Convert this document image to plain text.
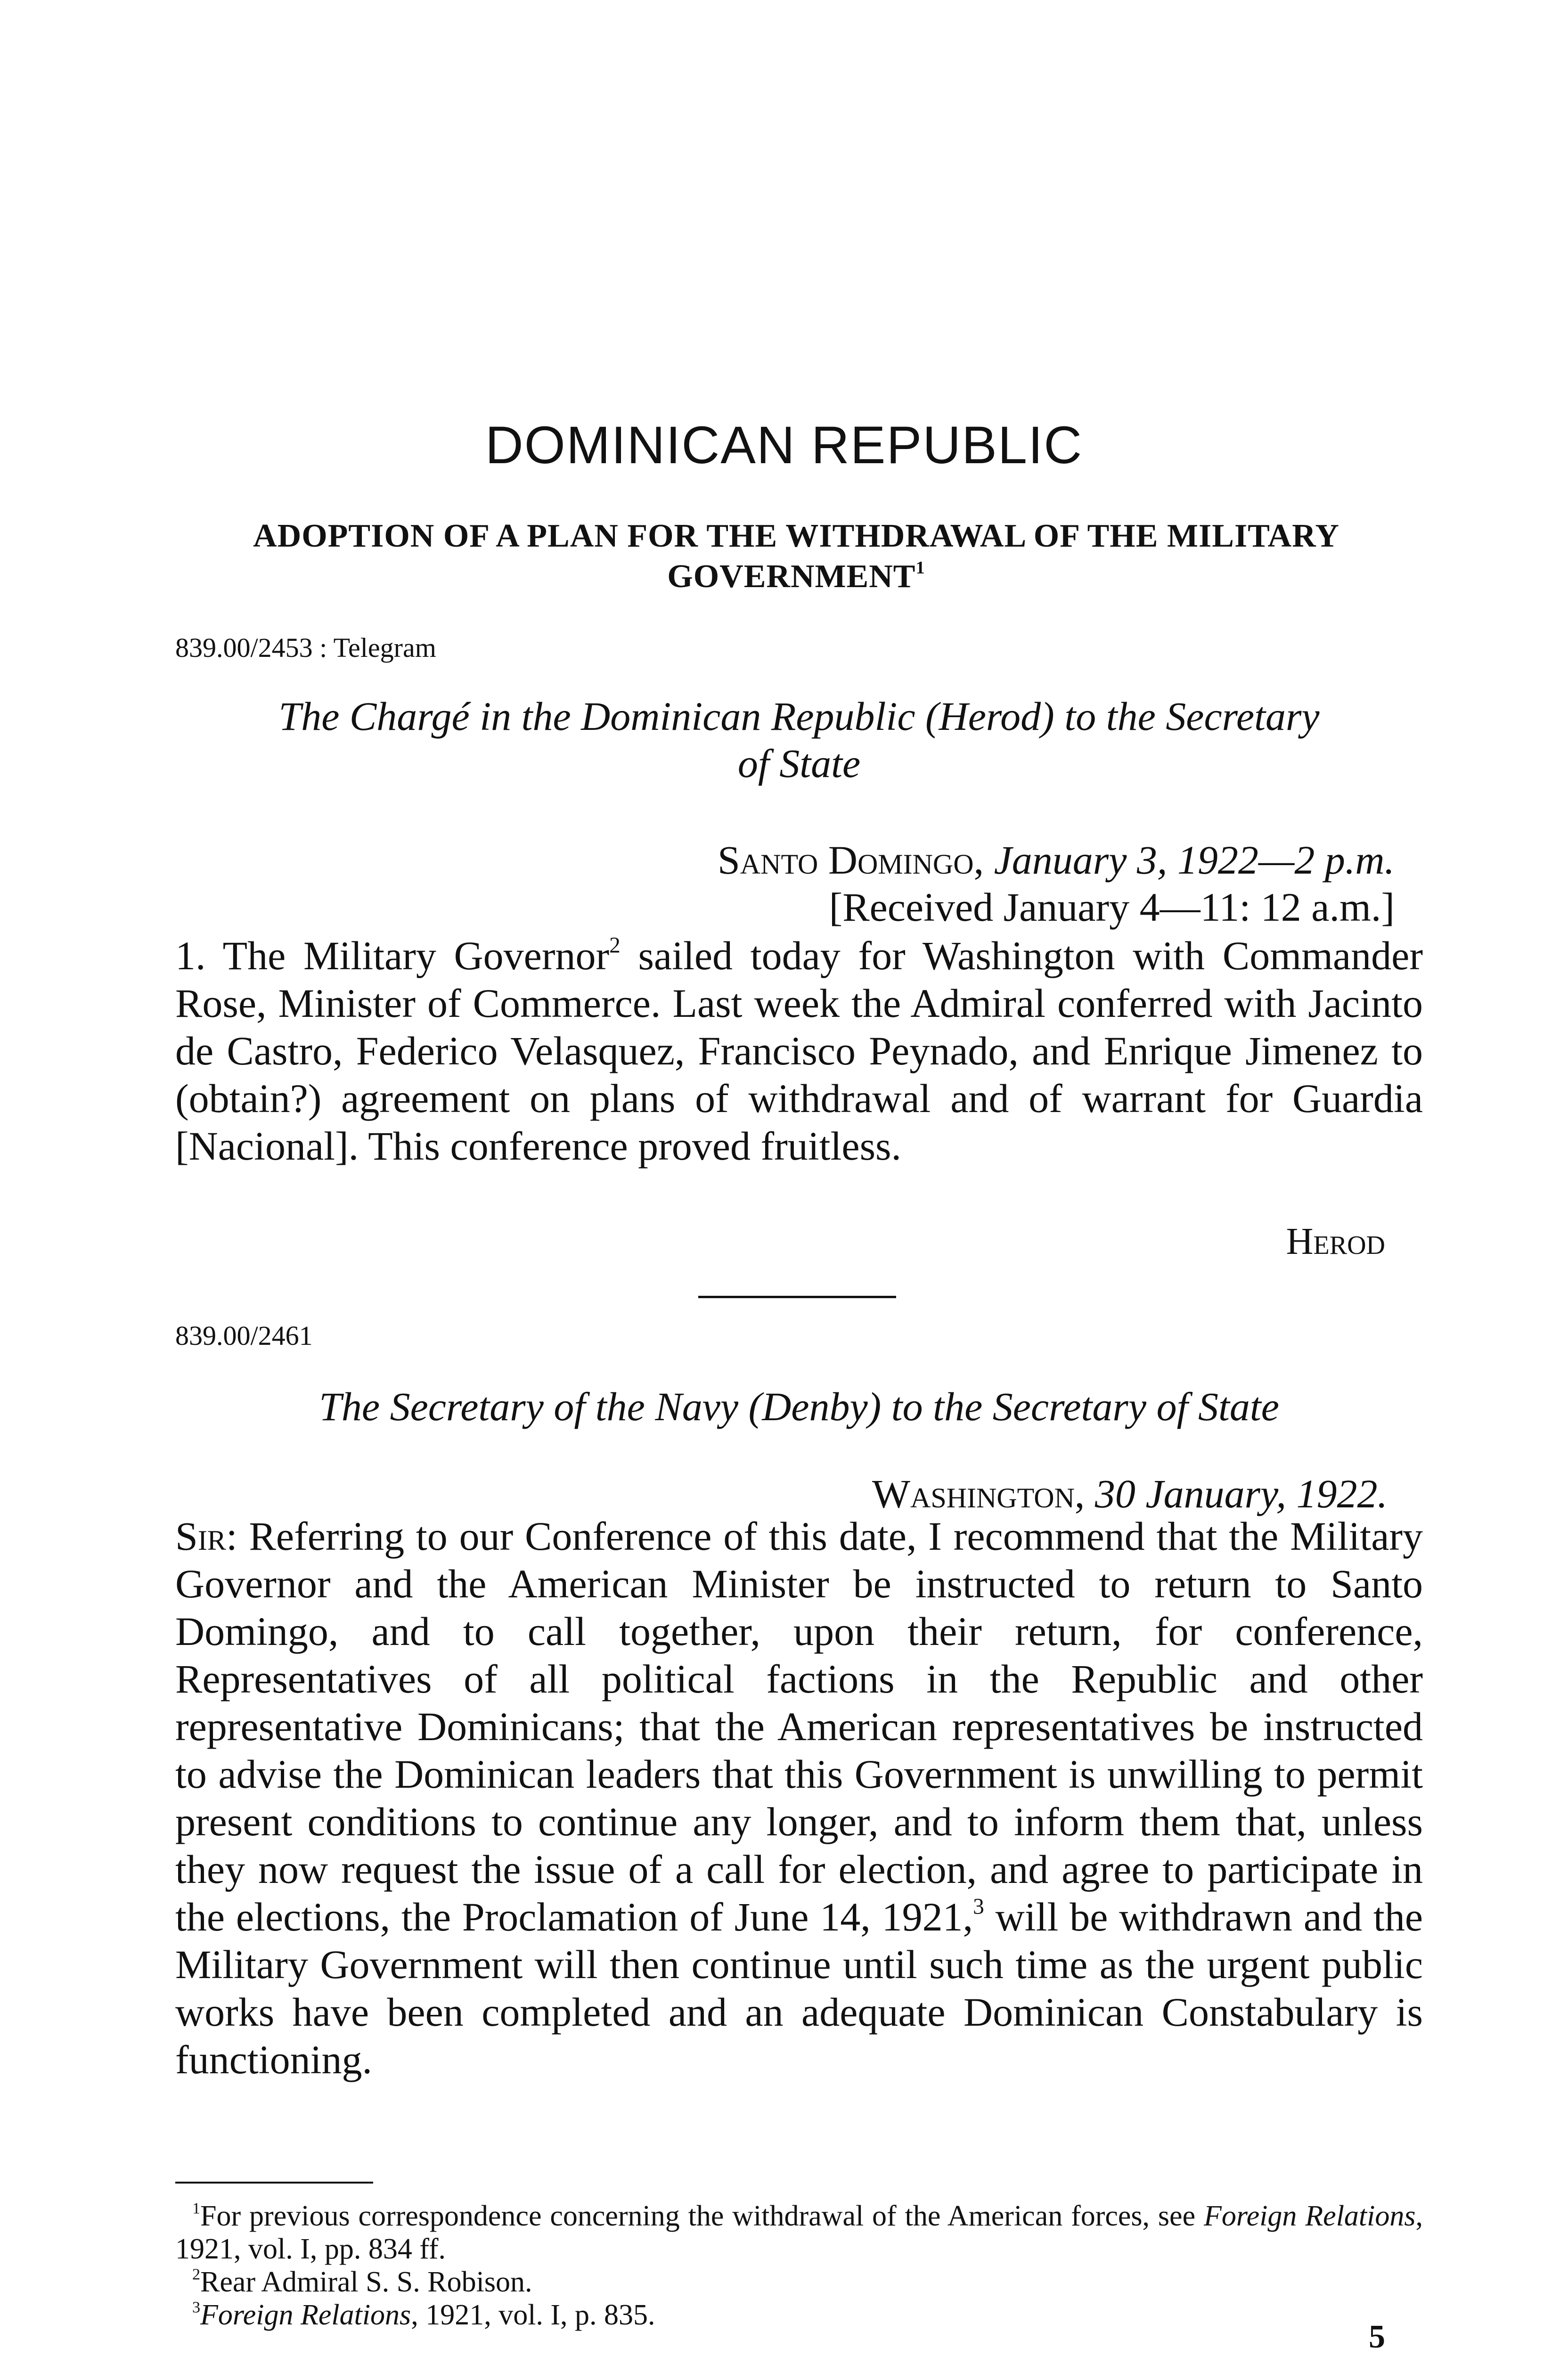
DOMINICAN REPUBLIC
ADOPTION OF A PLAN FOR THE WITHDRAWAL OF THE MILITARY
GOVERNMENT$^1$
839.00/2453 : Telegram
The Chargé in the Dominican Republic (Herod) to the Secretary
of State
Santo Domingo, January 3, 1922—2 p.m.
[Received January 4—11: 12 a.m.]
1. The Military Governor$^2$ sailed today for Washington with Commander Rose, Minister of Commerce. Last week the Admiral conferred with Jacinto de Castro, Federico Velasquez, Francisco Peynado, and Enrique Jimenez to (obtain?) agreement on plans of withdrawal and of warrant for Guardia [Nacional]. This conference proved fruitless.
Herod
839.00/2461
The Secretary of the Navy (Denby) to the Secretary of State
Washington, 30 January, 1922.
Sir: Referring to our Conference of this date, I recommend that the Military Governor and the American Minister be instructed to return to Santo Domingo, and to call together, upon their return, for conference, Representatives of all political factions in the Republic and other representative Dominicans; that the American representatives be instructed to advise the Dominican leaders that this Government is unwilling to permit present conditions to continue any longer, and to inform them that, unless they now request the issue of a call for election, and agree to participate in the elections, the Proclamation of June 14, 1921,$^3$ will be withdrawn and the Military Government will then continue until such time as the urgent public works have been completed and an adequate Dominican Constabulary is functioning.
$^1$For previous correspondence concerning the withdrawal of the American forces, see Foreign Relations, 1921, vol. I, pp. 834 ff.
$^2$Rear Admiral S. S. Robison.
$^3$Foreign Relations, 1921, vol. I, p. 835.
5
